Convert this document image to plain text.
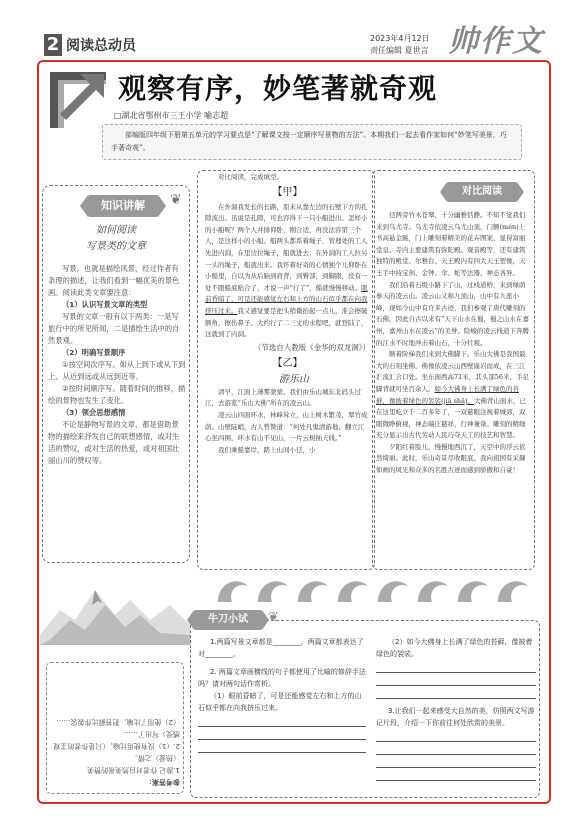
2 阅读总动员	2023年4月12日
责任编辑 夏世言 帅作文
观察有序，妙笔著就奇观
□湖北省鄂州市三王小学 喻志超
部编版四年级下册第五单元的学习要点是“了解课文按一定顺序写景物的方法”。本期我们一起去看作家如何“妙笔写美景，巧手著奇观”。
知识讲解	❦
如何阅读
写景类的文章

写景，也就是描绘风景，经过作者有条理的描述，让我们看到一幅优美的景色画。阅读此类文章要注意：

（1）认识写景文章的类型

写景的文章一般有以下两类：一是写旅行中的所见所闻，二是描绘生活中的自然景观。

（2）明确写景顺序

①按空间次序写。如从上到下或从下到上、从近到远或从远到近等。

②按时间顺序写。随着时间的推移，描绘的景物也发生了变化。

（3）领会思想感情

不论是静物写景的文章，都是借助景物的描绘来抒发自己的联想感情，或对生活的赞叹，或对生活的热爱，或对祖国壮丽山川的赞叹等。

对比阅读，完成填空。

【甲】

在外洞我发长的长路，原来从靠左边的石壁下方的孔隙流出。虽说是孔隙，可也容得下一只小船进出。怎样小的小船呢？两个人并排仰卧，刚合适，再没法容第三个人，是这样小的小船。船两头都系着绳子，管理处的工人先进内洞，在里边拉绳子，船就进去；在外洞的工人拉另一头的绳子，船就出来。我怀着好奇的心情独个儿仰卧在小船里，自以为从后脑到肩背，到臀部，到脚跟，没有一处不跟船底贴合了，才说一声“行了”，船就慢慢移动。眼前昏暗了，可是还能感觉左右和上方的山石似乎都在向我挤压过来。我又感觉要是把头稍微抬起一点儿，准会擦破额角，擦伤鼻子。大约行了二三丈的水程吧，就登陆了，这就到了内洞。

（节选自人教版《金华的双龙洞》）

【乙】

游乐山

清早，江面上薄雾蒙蒙。我们由乐山城东北码头过江，去游览“乐山大佛”所在的凌云山。

凌云山四面环水，林峰耸立，山上树木繁茂，翠竹成荫。山壁陡峭，古人曾赞道：“何处凡鬼清游地，翻立江心坐四围，环水有山不见山，一片云树插天线。”

我们乘船靠岸，踏上山间小径，小

对比阅读

径两旁竹木苍翠，十分幽雅恬静。不知不觉我们来到乌尤寺。乌尤寺依凌云乌尤山顶，门额(mén)上书高悬金匾，门上雕刻着精美的花卉图案，显得富丽堂皇。寺内主要建筑有弥陀殿、观音殿等，还有建筑独特的殿堂。尔雅台、天王殿内有四大天王塑像，天王手中持宝剑、金钟、伞、蛇等法器，神态各异。

我们沿着石级小路下了山，过栈道桥，来到绿荫参天的凌云山。凌云山又称九顶山，山中有九座小峰，现如今山中有许多古迹，我们参观了唐代雕刻的石佛，因此自古以来有“天下山水在蜀，蜀之山水在嘉州，嘉州山水在凌云”的美誉。险峻的凌云栈道下奔腾的江水不时地冲击着山石，十分壮观。

顺着阶梯我们来到大佛脚下。乐山大佛是我国最大的石刻坐佛，佛像依凌云山西壁崖岩而成，在三江汇流汇合口处。坐东面西高71米，其头部56米，手足脚背就可坐百余人。如今大佛身上长满了绿色的苔藓，像披着绿色的袈裟(jiā shā)。大佛背山面水，已在这里屹立千二百多年了，一双慈眼注视着城郊，双眼微睁俯视，神态端庄慈祥，行神兼备。雕刻的精细充分显示出古代劳动人民巧夺天工的技艺和智慧。

夕阳红着脸儿，慢慢地西沉了，天空中的浮云依然绮丽。此时，乐山奇景尽收眼底。我向祖国有采撷如画的风光和众多的名胜古迹而感到骄傲和自豪！

牛刀小试	❦

1.两篇写景文章都是________，两篇文章都表达了对________。

2. 两篇文章画横线的句子都使用了比喻的修辞手法吗？请对两句话作赏析。

（1）眼前昏暗了，可是还能感觉左右和上方的山石似乎都在向我挤压过来。

（2）如今大佛身上长满了绿色的苔藓，像披着绿色的袈裟。

3.让我们一起来感受大自然的美，仿照两文写游记片段，介绍一下你前往何处欣赏的美景。

参考答案：
1.游记 作者对自然美景的赞美
（热爱）之情。
2.（1）没有使用比喻，（只是作者的主观感受）写出了……
（2）使用了比喻，把苔藓比作袈裟……
